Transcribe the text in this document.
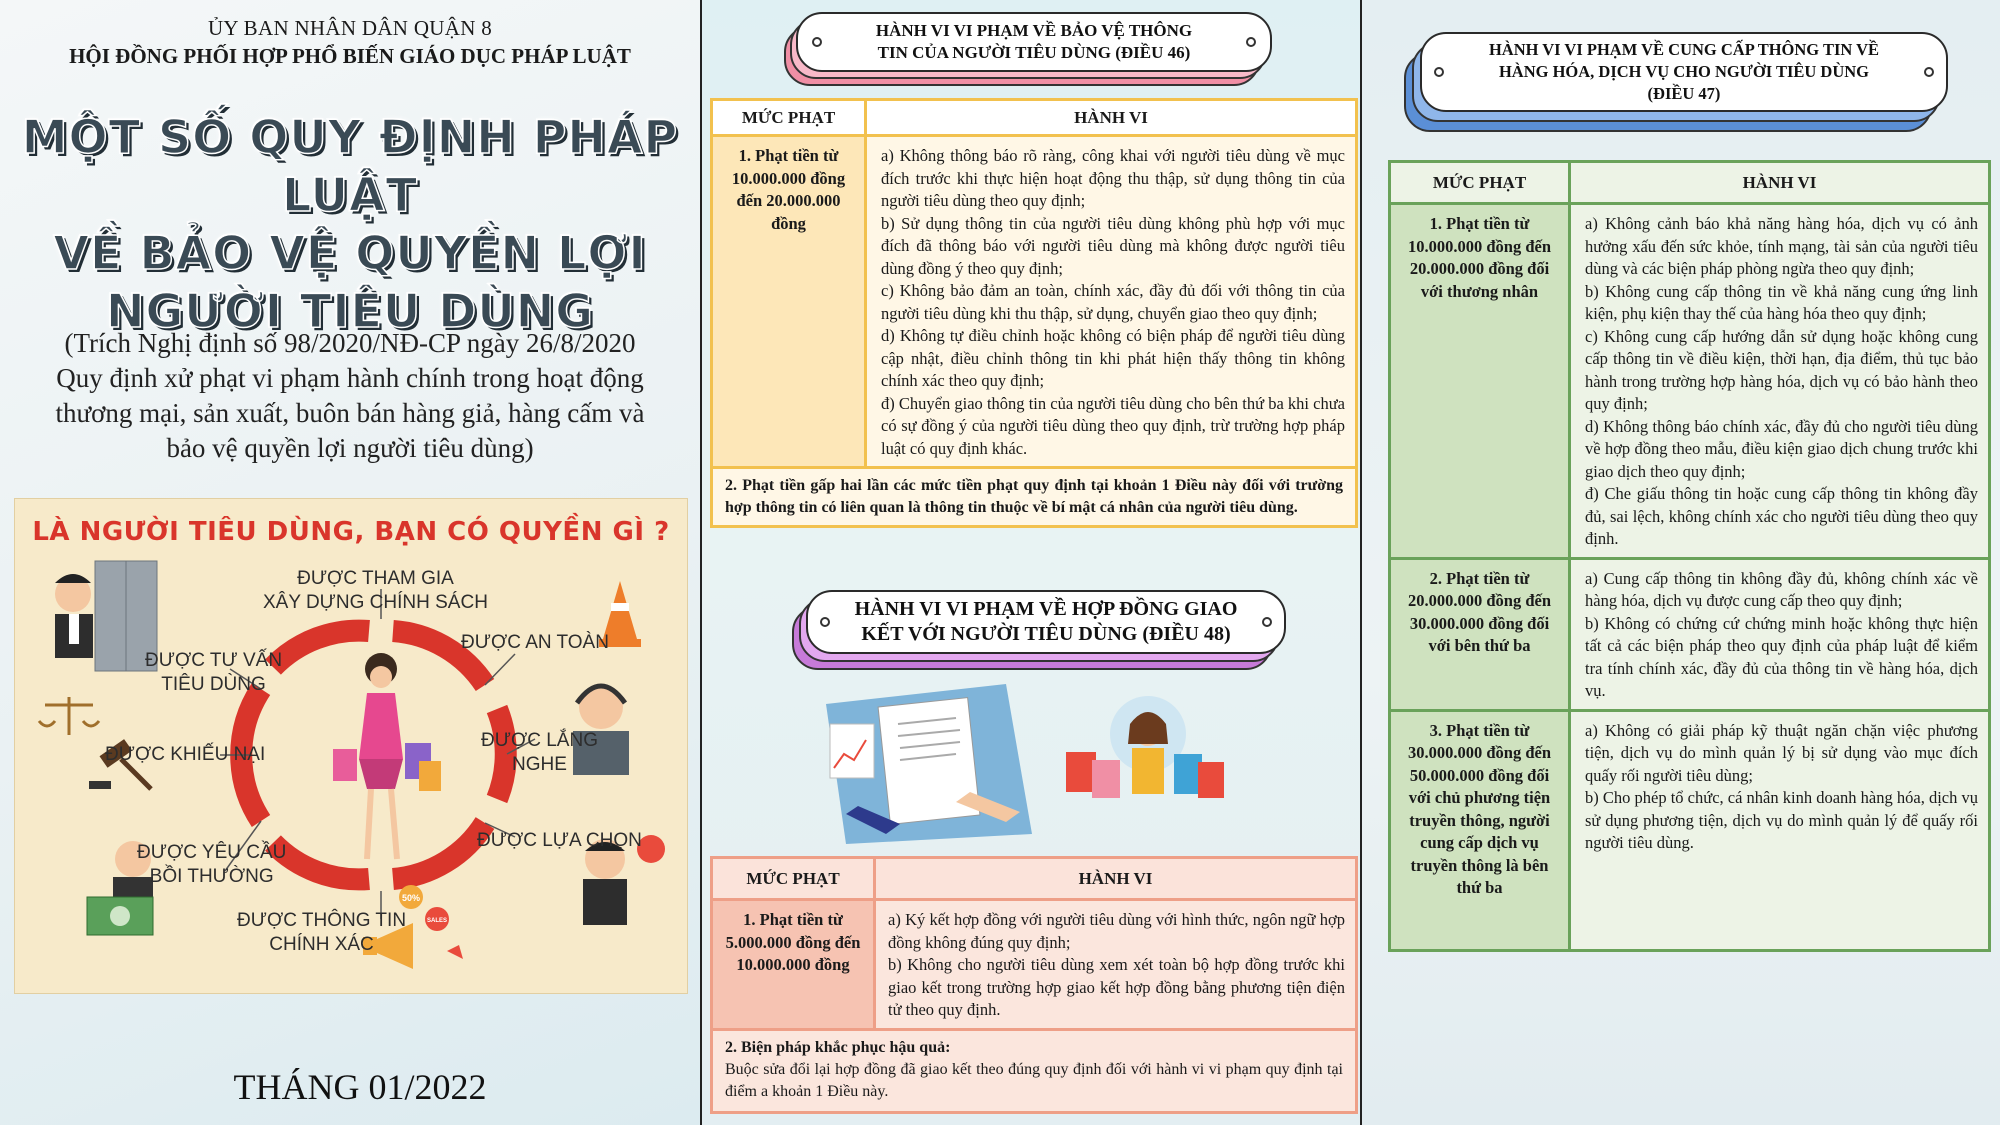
ỦY BAN NHÂN DÂN QUẬN 8
HỘI ĐỒNG PHỐI HỢP PHỔ BIẾN GIÁO DỤC PHÁP LUẬT
MỘT SỐ QUY ĐỊNH PHÁP LUẬT
VỀ BẢO VỆ QUYỀN LỢI
NGƯỜI TIÊU DÙNG
(Trích Nghị định số 98/2020/NĐ-CP ngày 26/8/2020
Quy định xử phạt vi phạm hành chính trong hoạt động
thương mại, sản xuất, buôn bán hàng giả, hàng cấm và
bảo vệ quyền lợi người tiêu dùng)
LÀ NGƯỜI TIÊU DÙNG, BẠN CÓ QUYỀN GÌ ?
50%
SALES
ĐƯỢC THAM GIA
XÂY DỰNG CHÍNH SÁCH
ĐƯỢC AN TOÀN
ĐƯỢC TƯ VẤN
TIÊU DÙNG
ĐƯỢC LẮNG
NGHE
ĐƯỢC KHIẾU NẠI
ĐƯỢC LỰA CHỌN
ĐƯỢC YÊU CẦU
BỒI THƯỜNG
ĐƯỢC THÔNG TIN
CHÍNH XÁC
THÁNG 01/2022
HÀNH VI VI PHẠM VỀ BẢO VỆ THÔNG
TIN CỦA NGƯỜI TIÊU DÙNG (ĐIỀU 46)
MỨC PHẠT	HÀNH VI

1. Phạt tiền từ 10.000.000 đồng đến 20.000.000 đồng	a) Không thông báo rõ ràng, công khai với người tiêu dùng về mục đích trước khi thực hiện hoạt động thu thập, sử dụng thông tin của người tiêu dùng theo quy định;
b) Sử dụng thông tin của người tiêu dùng không phù hợp với mục đích đã thông báo với người tiêu dùng mà không được người tiêu dùng đồng ý theo quy định;
c) Không bảo đảm an toàn, chính xác, đầy đủ đối với thông tin của người tiêu dùng khi thu thập, sử dụng, chuyển giao theo quy định;
d) Không tự điều chỉnh hoặc không có biện pháp để người tiêu dùng cập nhật, điều chỉnh thông tin khi phát hiện thấy thông tin không chính xác theo quy định;
đ) Chuyển giao thông tin của người tiêu dùng cho bên thứ ba khi chưa có sự đồng ý của người tiêu dùng theo quy định, trừ trường hợp pháp luật có quy định khác.

2. Phạt tiền gấp hai lần các mức tiền phạt quy định tại khoản 1 Điều này đối với trường hợp thông tin có liên quan là thông tin thuộc về bí mật cá nhân của người tiêu dùng.	
HÀNH VI VI PHẠM VỀ HỢP ĐỒNG GIAO
KẾT VỚI NGƯỜI TIÊU DÙNG (ĐIỀU 48)
MỨC PHẠT	HÀNH VI

1. Phạt tiền từ 5.000.000 đồng đến 10.000.000 đồng	a) Ký kết hợp đồng với người tiêu dùng với hình thức, ngôn ngữ hợp đồng không đúng quy định;
b) Không cho người tiêu dùng xem xét toàn bộ hợp đồng trước khi giao kết trong trường hợp giao kết hợp đồng bằng phương tiện điện tử theo quy định.

2. Biện pháp khắc phục hậu quả:
Buộc sửa đổi lại hợp đồng đã giao kết theo đúng quy định đối với hành vi vi phạm quy định tại điểm a khoản 1 Điều này.	
HÀNH VI VI PHẠM VỀ CUNG CẤP THÔNG TIN VỀ
HÀNG HÓA, DỊCH VỤ CHO NGƯỜI TIÊU DÙNG
(ĐIỀU 47)
MỨC PHẠT	HÀNH VI

1. Phạt tiền từ 10.000.000 đồng đến 20.000.000 đồng đối với thương nhân	a) Không cảnh báo khả năng hàng hóa, dịch vụ có ảnh hưởng xấu đến sức khỏe, tính mạng, tài sản của người tiêu dùng và các biện pháp phòng ngừa theo quy định;
b) Không cung cấp thông tin về khả năng cung ứng linh kiện, phụ kiện thay thế của hàng hóa theo quy định;
c) Không cung cấp hướng dẫn sử dụng hoặc không cung cấp thông tin về điều kiện, thời hạn, địa điểm, thủ tục bảo hành trong trường hợp hàng hóa, dịch vụ có bảo hành theo quy định;
d) Không thông báo chính xác, đầy đủ cho người tiêu dùng về hợp đồng theo mẫu, điều kiện giao dịch chung trước khi giao dịch theo quy định;
đ) Che giấu thông tin hoặc cung cấp thông tin không đầy đủ, sai lệch, không chính xác cho người tiêu dùng theo quy định.

2. Phạt tiền từ 20.000.000 đồng đến 30.000.000 đồng đối với bên thứ ba	a) Cung cấp thông tin không đầy đủ, không chính xác về hàng hóa, dịch vụ được cung cấp theo quy định;
b) Không có chứng cứ chứng minh hoặc không thực hiện tất cả các biện pháp theo quy định của pháp luật để kiểm tra tính chính xác, đầy đủ của thông tin về hàng hóa, dịch vụ.

3. Phạt tiền từ 30.000.000 đồng đến 50.000.000 đồng đối với chủ phương tiện truyền thông, người cung cấp dịch vụ truyền thông là bên thứ ba	a) Không có giải pháp kỹ thuật ngăn chặn việc phương tiện, dịch vụ do mình quản lý bị sử dụng vào mục đích quấy rối người tiêu dùng;
b) Cho phép tổ chức, cá nhân kinh doanh hàng hóa, dịch vụ sử dụng phương tiện, dịch vụ do mình quản lý để quấy rối người tiêu dùng.
